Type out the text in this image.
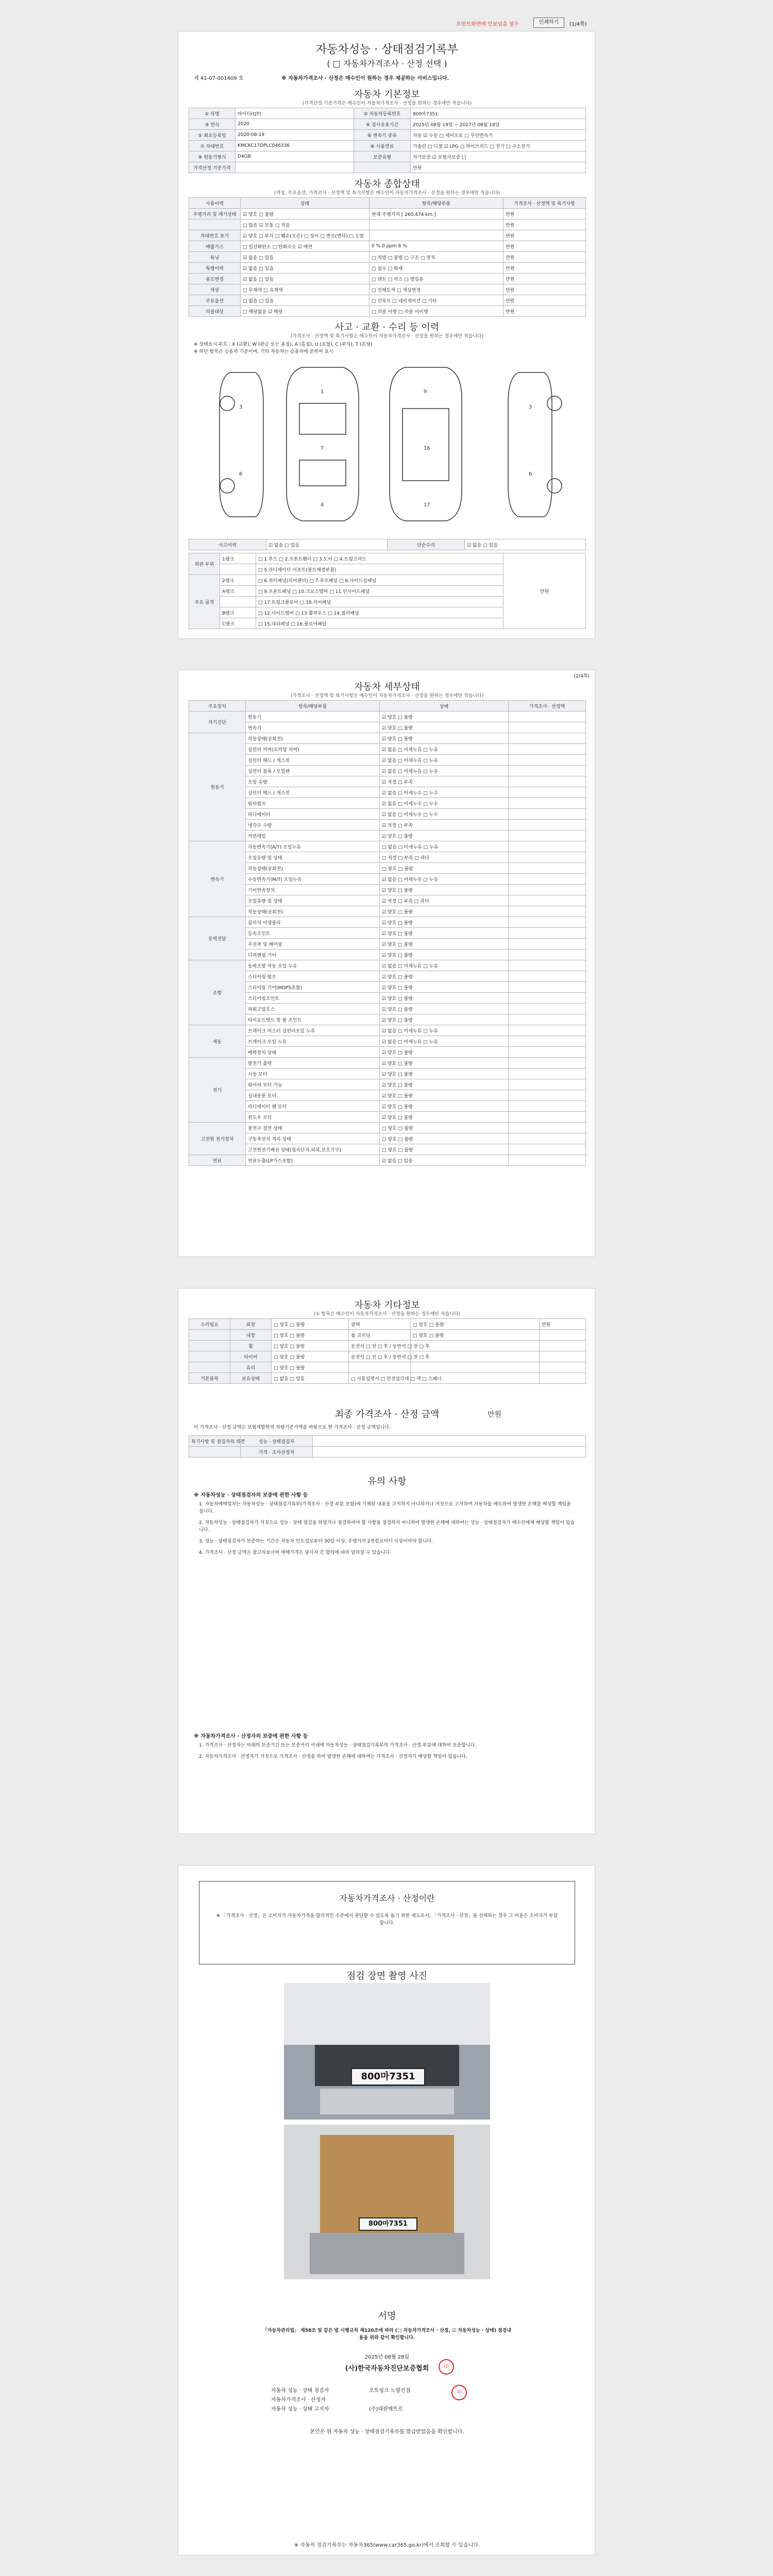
프린트화면에 안보임을 필수	인쇄하기	(1/4쪽)
자동차성능 · 상태점검기록부
( □ 자동차가격조사 · 산정 선택 )
제 41-07-001409 호	※ 자동차가격조사 · 산정은 매수인이 원하는 경우 제공하는 서비스입니다.
자동차 기본정보
(가격산정 기준가격은 매수인이 자동차가격조사 · 산정을 원하는 경우에만 적습니다)
① 차명	마이티(QT)	② 자동차등록번호	800마7351
③ 연식	2020	④ 검사유효기간	2025년 08월 19일 ~ 2027년 08월 18일
⑤ 최초등록일	2020-08-19	⑥ 변속기 종류	자동 ☑ 수동 □ 세미오토 □ 무단변속기
⑦ 차대번호	KMCKC17DPLC046336	⑧ 사용연료	가솔린 □ 디젤 ☑ LPG □ 하이브리드 □ 전기 □ 수소전기
⑨ 원동기형식	D4GB	보증유형	자가보증 ☑ 보험사보증 □
가격산정 기준가격			만원
자동차 종합상태
(색상, 주요옵션, 가격조사 · 산정액 및 특기사항은 매수인이 자동차가격조사 · 산정을 원하는 경우에만 적습니다)
사용이력	상태	항목/해당부품	가격조사 · 산정액 및 특기사항
주행거리 및 계기상태	☑ 양호 □ 불량	현재 주행거리 [ 260,474 km ]	만원
	□ 많음 ☑ 보통 □ 적음		만원
차대번호 표기	☑ 양호 □ 부식 □ 훼손(오손) □ 상이 □ 변조(변타) □ 도말		만원
배출가스	□ 일산화탄소 □ 탄화수소 ☑ 매연	0 % 0 ppm 8 %	만원
튜닝	☑ 없음 □ 있음	□ 적법 □ 불법 □ 구조 □ 장치	만원
특별이력	☑ 없음 □ 있음	□ 침수 □ 화재	만원
용도변경	☑ 없음 □ 있음	□ 렌트 □ 리스 □ 영업용	만원
색상	□ 무채색 □ 유채색	□ 전체도색 □ 색상변경	만원
주요옵션	□ 없음 □ 있음	□ 선루프 □ 네비게이션 □ 기타	만원
리콜대상	□ 해당없음 ☑ 해당	□ 리콜 이행 □ 리콜 미이행	만원
사고 · 교환 · 수리 등 이력
(가격조사 · 산정액 및 특기사항은 매수인이 자동차가격조사 · 산정을 원하는 경우에만 적습니다)
※ 상태표시 부호 : X (교환), W (판금 또는 용접), A (흠집), U (요철), C (부식), T (손상)
※ 하단 항목은 승용차 기준이며, 기타 자동차는 승용차에 준하여 표시
3
6
1
7
4
9
16
17
3
6
사고이력	☑ 없음 □ 있음	단순수리	☑ 없음 □ 있음
외판 부위	1랭크	□ 1.후드 □ 2.프론트휀더 □ 3.도어 □ 4.트렁크리드	만원
		□ 5.라디에이터 서포트(볼트체결부품)	
주요 골격	2랭크	□ 6.쿼터패널(리어펜더) □ 7.루프패널 □ 8.사이드실패널	
	A랭크	□ 9.프론트패널 □ 10.크로스멤버 □ 11.인사이드패널	
		□ 17.트렁크플로어 □ 18.리어패널	
	B랭크	□ 12.사이드멤버 □ 13.휠하우스 □ 14.필러패널	
	C랭크	□ 15.대쉬패널 □ 16.플로어패널	
(2/4쪽)
자동차 세부상태
(가격조사 · 산정액 및 특기사항은 매수인이 자동차가격조사 · 산정을 원하는 경우에만 적습니다)
주요장치	항목/해당부품	상태	가격조사 · 산정액
자기진단	원동기	☑ 양호 □ 불량	
	변속기	☑ 양호 □ 불량	
원동기	작동상태(공회전)	☑ 양호 □ 불량	
	실린더 커버(로커암 커버)	☑ 없음 □ 미세누유 □ 누유	
	실린더 헤드 / 개스킷	☑ 없음 □ 미세누유 □ 누유	
	실린더 블록 / 오일팬	☑ 없음 □ 미세누유 □ 누유	
	오일 유량	☑ 적정 □ 부족	
	실린더 헤드 / 개스킷	☑ 없음 □ 미세누수 □ 누수	
	워터펌프	☑ 없음 □ 미세누수 □ 누수	
	라디에이터	☑ 없음 □ 미세누수 □ 누수	
	냉각수 수량	☑ 적정 □ 부족	
	커먼레일	☑ 양호 □ 불량	
변속기	자동변속기(A/T) 오일누유	□ 없음 □ 미세누유 □ 누유	
	오일유량 및 상태	□ 적정 □ 부족 □ 과다	
	작동상태(공회전)	□ 양호 □ 불량	
	수동변속기(M/T) 오일누유	☑ 없음 □ 미세누유 □ 누유	
	기어변속장치	☑ 양호 □ 불량	
	오일유량 및 상태	☑ 적정 □ 부족 □ 과다	
	작동상태(공회전)	☑ 양호 □ 불량	
동력전달	클러치 어셈블리	☑ 양호 □ 불량	
	등속조인트	☑ 양호 □ 불량	
	추진축 및 베어링	☑ 양호 □ 불량	
	디퍼렌셜 기어	☑ 양호 □ 불량	
조향	동력조향 작동 오일 누유	☑ 없음 □ 미세누유 □ 누유	
	스티어링 펌프	☑ 양호 □ 불량	
	스티어링 기어(MDPS포함)	☑ 양호 □ 불량	
	스티어링조인트	☑ 양호 □ 불량	
	파워고압호스	☑ 양호 □ 불량	
	타이로드엔드 및 볼 조인트	☑ 양호 □ 불량	
제동	브레이크 마스터 실린더오일 누유	☑ 없음 □ 미세누유 □ 누유	
	브레이크 오일 누유	☑ 없음 □ 미세누유 □ 누유	
	배력장치 상태	☑ 양호 □ 불량	
전기	발전기 출력	☑ 양호 □ 불량	
	시동 모터	☑ 양호 □ 불량	
	와이퍼 모터 기능	☑ 양호 □ 불량	
	실내송풍 모터	☑ 양호 □ 불량	
	라디에이터 팬 모터	☑ 양호 □ 불량	
	윈도우 모터	☑ 양호 □ 불량	
고전원 전기장치	충전구 절연 상태	□ 양호 □ 불량	
	구동축전지 격리 상태	□ 양호 □ 불량	
	고전원전기배선 상태(접속단자,피복,보호기구)	□ 양호 □ 불량	
연료	연료누출(LP가스포함)	☑ 없음 □ 있음	
자동차 기타정보
(① 항목은 매수인이 자동차가격조사 · 산정을 원하는 경우에만 적습니다)
수리필요	외장	□ 양호 □ 불량	광택	□ 양호 □ 불량	만원
	내장	□ 양호 □ 불량	룸 크리닝	□ 양호 □ 불량	
	휠	□ 양호 □ 불량	운전석 □ 전 □ 후 / 동반석 □ 전 □ 후		
	타이어	□ 양호 □ 불량	운전석 □ 전 □ 후 / 동반석 □ 전 □ 후		
	유리	□ 양호 □ 불량			
기본품목	보유상태	□ 없음 □ 있음	□ 사용설명서 □ 안전삼각대 □ 잭 □ 스패너		
최종 가격조사 · 산정 금액	만원
이 가격조사 · 산정 금액은 보험개발원의 차량기준가액을 바탕으로 한 가격조사 · 산정 금액입니다.
특기사항 및 점검자의 의견	성능 · 상태점검자	
	가격 · 조사산정자	
유의 사항
※ 자동차성능 · 상태점검자의 보증에 관한 사항 등
1. 자동차매매업자는 자동차성능 · 상태점검기록부(가격조사 · 산정 부분 포함)에 기재된 내용을 고지하지 아니하거나 거짓으로 고지하여 자동차를 매도하여 발생한 손해를 배상할 책임을 집니다.
2. 자동차성능 · 상태점검자가 거짓으로 성능 · 상태 점검을 하였거나 점검하여야 할 사항을 점검하지 아니하여 발생한 손해에 대하여는 성능 · 상태점검자가 매수인에게 배상할 책임이 있습니다.
3. 성능 · 상태점검자가 보증하는 기간은 자동차 인도일로부터 30일 이상, 주행거리 2천킬로미터 이상이어야 합니다.
4. 가격조사 · 산정 금액은 참고자료이며 매매가격은 당사자 간 합의에 따라 달라질 수 있습니다.
※ 자동차가격조사 · 산정자의 보증에 관한 사항 등
1. 가격조사 · 산정자는 아래의 보증기간 또는 보증거리 이내에 자동차성능 · 상태점검기록부의 가격조사 · 산정 부분에 대하여 보증합니다.
2. 자동차가격조사 · 산정자가 거짓으로 가격조사 · 산정을 하여 발생한 손해에 대하여는 가격조사 · 산정자가 배상할 책임이 있습니다.
자동차가격조사 · 산정이란
※ 「가격조사 · 산정」은 소비자가 자동차가격을 합리적인 수준에서 판단할 수 있도록 돕기 위한 제도로서, 「가격조사 · 산정」을 선택하는 경우 그 비용은 소비자가 부담합니다.
점검 장면 촬영 사진
800마7351
800마7351
서명
「자동차관리법」 제58조 및 같은 법 시행규칙 제120조에 따라 (□ 자동차가격조사 · 산정, ☑ 자동차성능 · 상태) 점검내용을 위와 같이 확인합니다.
2025년 08월 28일
(사)한국자동차진단보증협회	印
자동차 성능 · 상태 점검자	오토링크 노량진점
자동차가격조사 · 산정자
자동차 성능 · 상태 고지자	(주)대원매트로
印
본인은 위 자동차 성능 · 상태점검기록부를 발급받았음을 확인합니다.
※ 자동차 점검기록부는 자동차365(www.car365.go.kr)에서 조회할 수 있습니다.
